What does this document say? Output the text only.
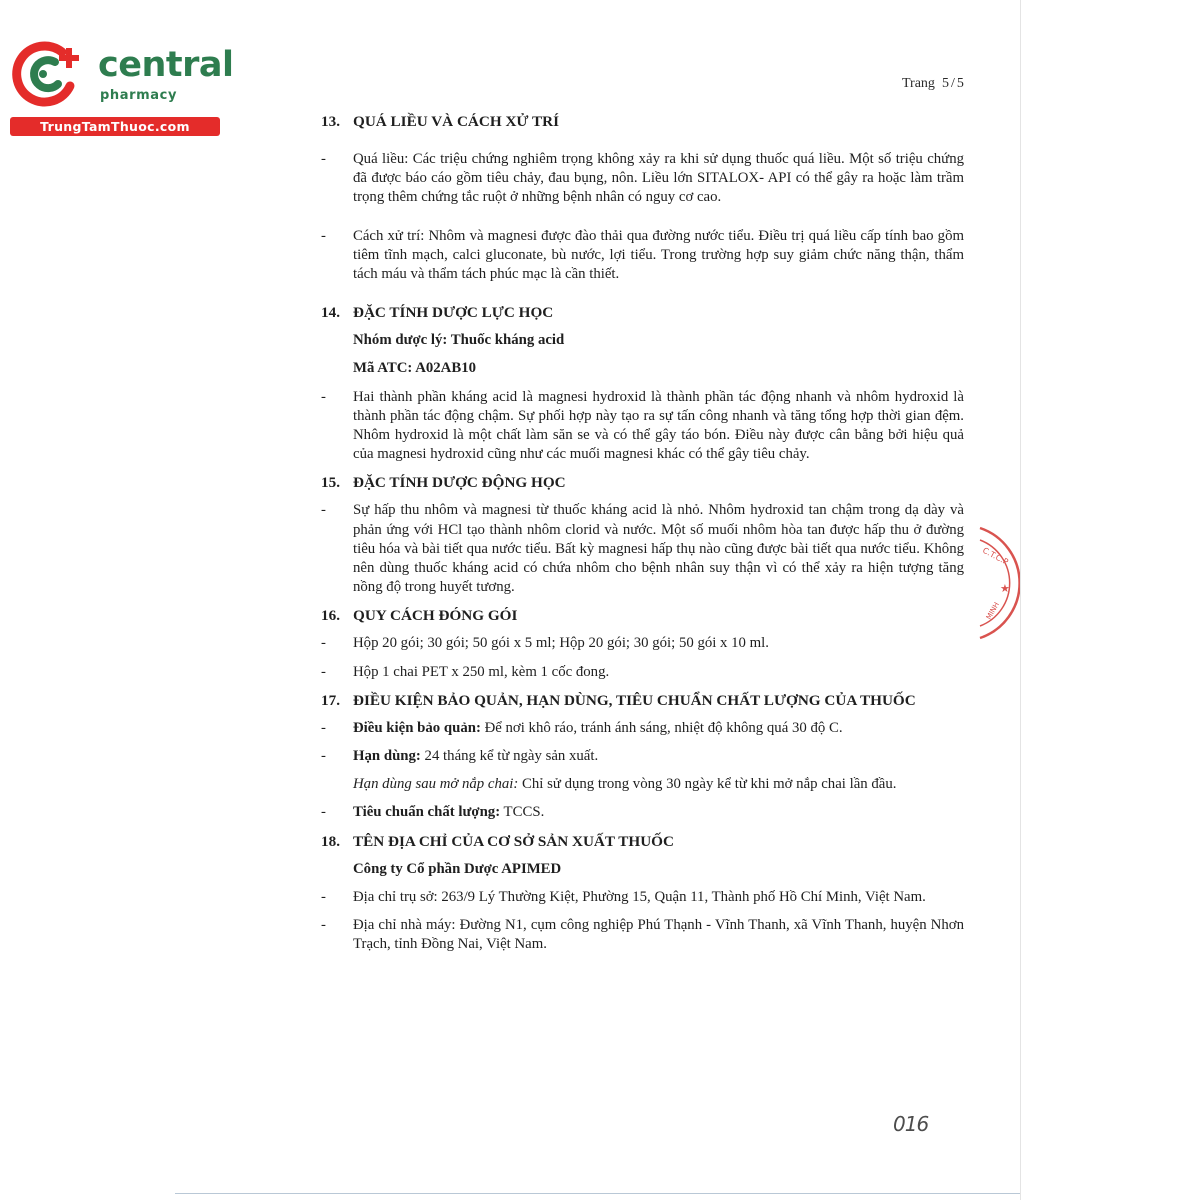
central
pharmacy
TrungTamThuoc.com
Trang 5 / 5
13. QUÁ LIỀU VÀ CÁCH XỬ TRÍ
-	Quá liều: Các triệu chứng nghiêm trọng không xảy ra khi sử dụng thuốc quá liều. Một số triệu chứng đã được báo cáo gồm tiêu chảy, đau bụng, nôn. Liều lớn SITALOX- API có thể gây ra hoặc làm trầm trọng thêm chứng tắc ruột ở những bệnh nhân có nguy cơ cao.
-	Cách xử trí: Nhôm và magnesi được đào thải qua đường nước tiểu. Điều trị quá liều cấp tính bao gồm tiêm tĩnh mạch, calci gluconate, bù nước, lợi tiểu. Trong trường hợp suy giảm chức năng thận, thẩm tách máu và thẩm tách phúc mạc là cần thiết.
14. ĐẶC TÍNH DƯỢC LỰC HỌC
Nhóm dược lý: Thuốc kháng acid
Mã ATC: A02AB10
-	Hai thành phần kháng acid là magnesi hydroxid là thành phần tác động nhanh và nhôm hydroxid là thành phần tác động chậm. Sự phối hợp này tạo ra sự tấn công nhanh và tăng tổng hợp thời gian đệm. Nhôm hydroxid là một chất làm săn se và có thể gây táo bón. Điều này được cân bằng bởi hiệu quả của magnesi hydroxid cũng như các muối magnesi khác có thể gây tiêu chảy.
15. ĐẶC TÍNH DƯỢC ĐỘNG HỌC
-	Sự hấp thu nhôm và magnesi từ thuốc kháng acid là nhỏ. Nhôm hydroxid tan chậm trong dạ dày và phản ứng với HCl tạo thành nhôm clorid và nước. Một số muối nhôm hòa tan được hấp thu ở đường tiêu hóa và bài tiết qua nước tiểu. Bất kỳ magnesi hấp thụ nào cũng được bài tiết qua nước tiểu. Không nên dùng thuốc kháng acid có chứa nhôm cho bệnh nhân suy thận vì có thể xảy ra hiện tượng tăng nồng độ trong huyết tương.
16. QUY CÁCH ĐÓNG GÓI
-	Hộp 20 gói; 30 gói; 50 gói x 5 ml; Hộp 20 gói; 30 gói; 50 gói x 10 ml.
-	Hộp 1 chai PET x 250 ml, kèm 1 cốc đong.
17. ĐIỀU KIỆN BẢO QUẢN, HẠN DÙNG, TIÊU CHUẨN CHẤT LƯỢNG CỦA THUỐC
-	Điều kiện bảo quản: Để nơi khô ráo, tránh ánh sáng, nhiệt độ không quá 30 độ C.
-	Hạn dùng: 24 tháng kể từ ngày sản xuất.
Hạn dùng sau mở nắp chai: Chỉ sử dụng trong vòng 30 ngày kể từ khi mở nắp chai lần đầu.
-	Tiêu chuẩn chất lượng: TCCS.
18. TÊN ĐỊA CHỈ CỦA CƠ SỞ SẢN XUẤT THUỐC
Công ty Cổ phần Dược APIMED
-	Địa chỉ trụ sở: 263/9 Lý Thường Kiệt, Phường 15, Quận 11, Thành phố Hồ Chí Minh, Việt Nam.
-	Địa chỉ nhà máy: Đường N1, cụm công nghiệp Phú Thạnh - Vĩnh Thanh, xã Vĩnh Thanh, huyện Nhơn Trạch, tỉnh Đồng Nai, Việt Nam.
C.T.C.P
★
MINH
016
